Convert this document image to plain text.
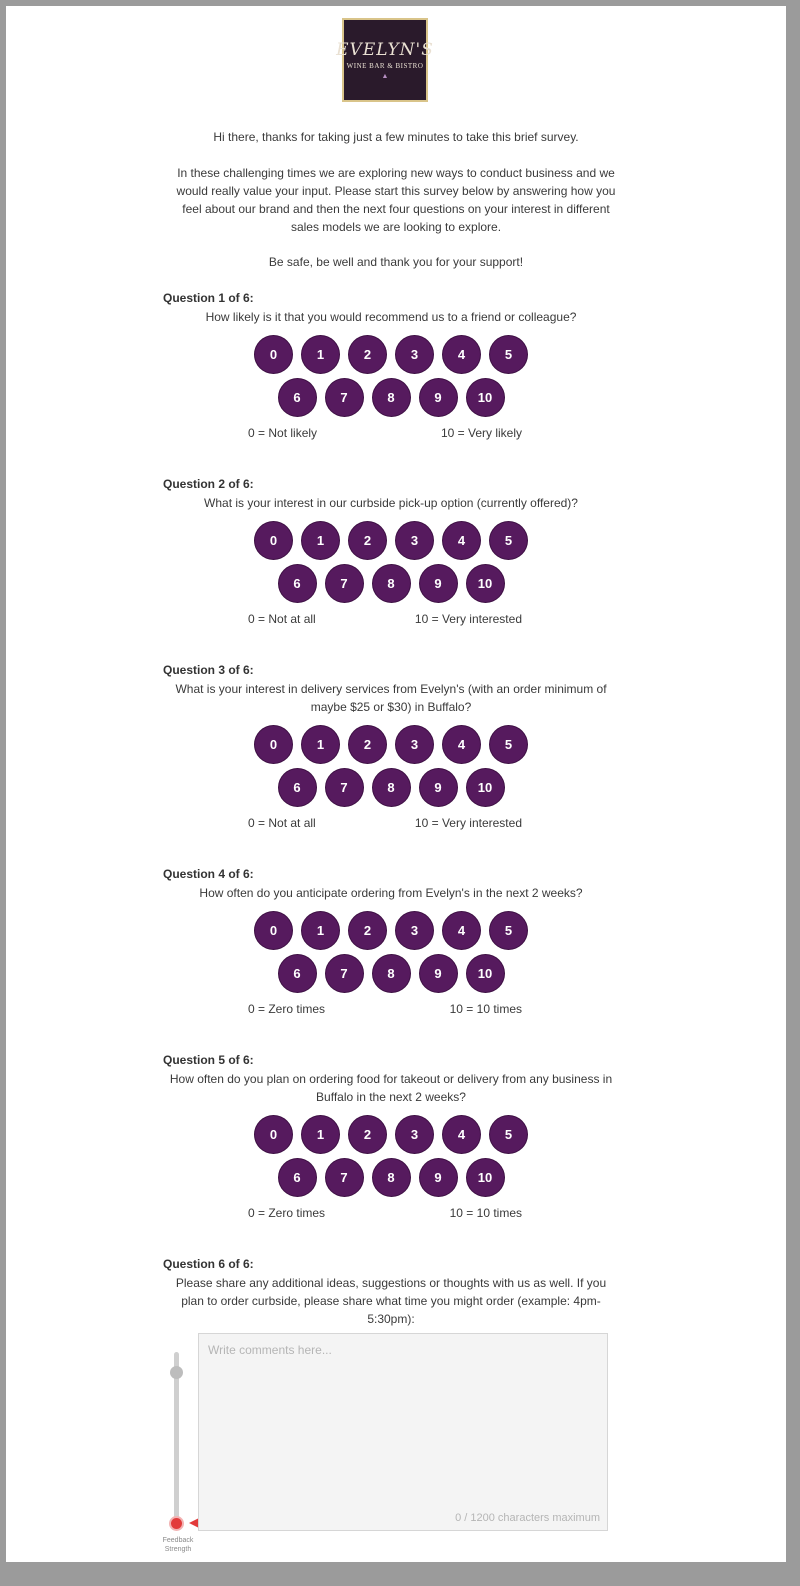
EVELYN'S
WINE BAR & BISTRO
▲

Hi there, thanks for taking just a few minutes to take this brief survey.

In these challenging times we are exploring new ways to conduct business and we would really value your input. Please start this survey below by answering how you feel about our brand and then the next four questions on your interest in different sales models we are looking to explore.

Be safe, be well and thank you for your support!

Question 1 of 6:
How likely is it that you would recommend us to a friend or colleague?
0	1	2	3	4	5
6	7	8	9	10
0 = Not likely	10 = Very likely
Question 2 of 6:
What is your interest in our curbside pick-up option (currently offered)?
0	1	2	3	4	5
6	7	8	9	10
0 = Not at all	10 = Very interested
Question 3 of 6:
What is your interest in delivery services from Evelyn's (with an order minimum of maybe $25 or $30) in Buffalo?
0	1	2	3	4	5
6	7	8	9	10
0 = Not at all	10 = Very interested
Question 4 of 6:
How often do you anticipate ordering from Evelyn's in the next 2 weeks?
0	1	2	3	4	5
6	7	8	9	10
0 = Zero times	10 = 10 times
Question 5 of 6:
How often do you plan on ordering food for takeout or delivery from any business in Buffalo in the next 2 weeks?
0	1	2	3	4	5
6	7	8	9	10
0 = Zero times	10 = 10 times
Question 6 of 6:
Please share any additional ideas, suggestions or thoughts with us as well. If you plan to order curbside, please share what time you might order (example: 4pm-5:30pm):
Feedback Strength
Write comments here...
0 / 1200 characters maximum
